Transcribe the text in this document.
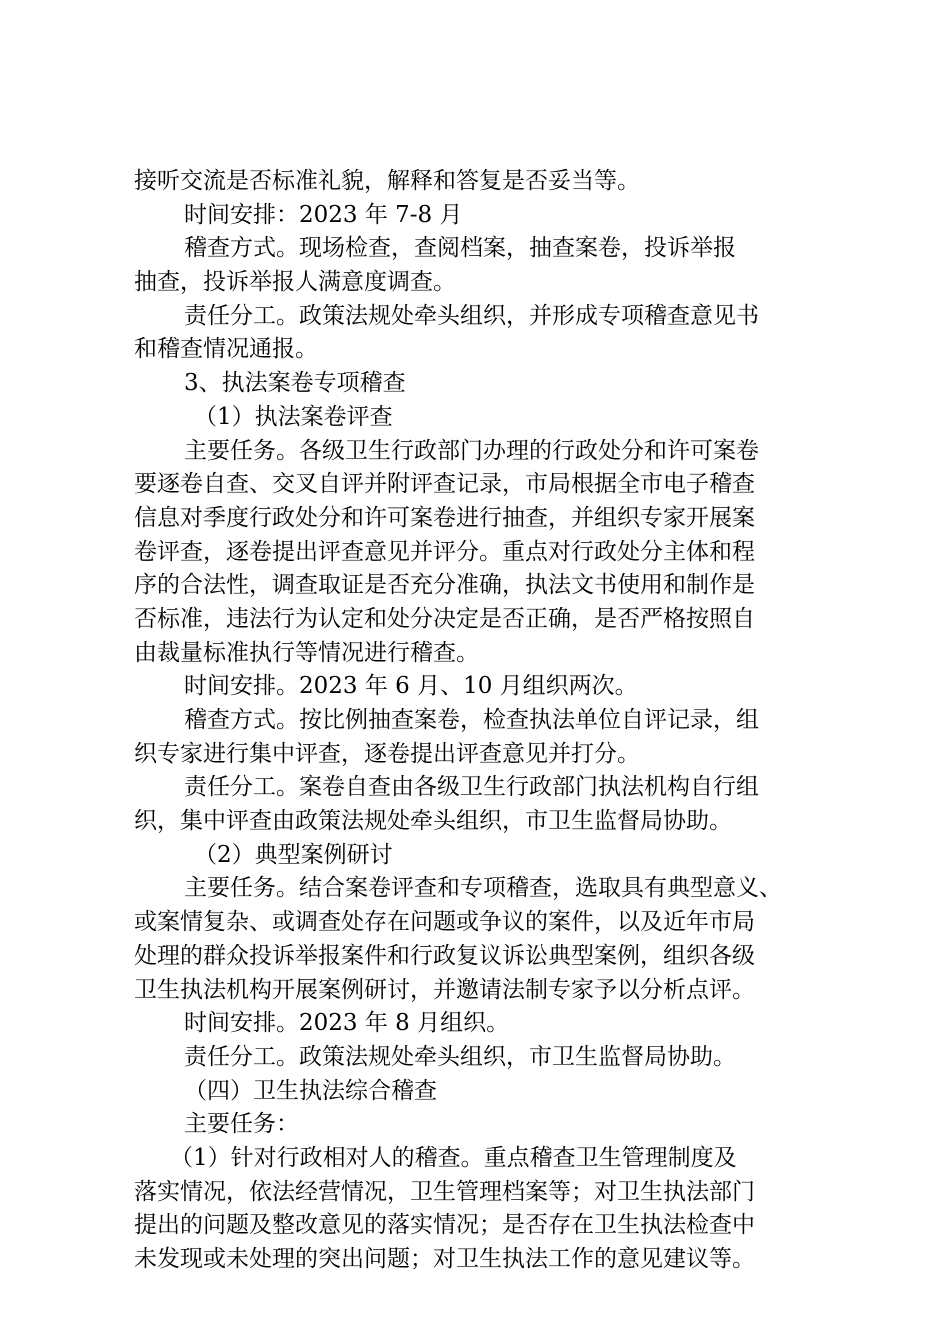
接听交流是否标准礼貌，解释和答复是否妥当等。
时间安排：2023 年 7-8 月
稽查方式。现场检查，查阅档案，抽查案卷，投诉举报
抽查，投诉举报人满意度调查。
责任分工。政策法规处牵头组织，并形成专项稽查意见书
和稽查情况通报。
3、执法案卷专项稽查
（1）执法案卷评查
主要任务。各级卫生行政部门办理的行政处分和许可案卷
要逐卷自查、交叉自评并附评查记录，市局根据全市电子稽查
信息对季度行政处分和许可案卷进行抽查，并组织专家开展案
卷评查，逐卷提出评查意见并评分。重点对行政处分主体和程
序的合法性，调查取证是否充分准确，执法文书使用和制作是
否标准，违法行为认定和处分决定是否正确，是否严格按照自
由裁量标准执行等情况进行稽查。
时间安排。2023 年 6 月、10 月组织两次。
稽查方式。按比例抽查案卷，检查执法单位自评记录，组
织专家进行集中评查，逐卷提出评查意见并打分。
责任分工。案卷自查由各级卫生行政部门执法机构自行组
织，集中评查由政策法规处牵头组织，市卫生监督局协助。
（2）典型案例研讨
主要任务。结合案卷评查和专项稽查，选取具有典型意义、
或案情复杂、或调查处存在问题或争议的案件，以及近年市局
处理的群众投诉举报案件和行政复议诉讼典型案例，组织各级
卫生执法机构开展案例研讨，并邀请法制专家予以分析点评。
时间安排。2023 年 8 月组织。
责任分工。政策法规处牵头组织，市卫生监督局协助。
（四）卫生执法综合稽查
主要任务：
（1）针对行政相对人的稽查。重点稽查卫生管理制度及
落实情况，依法经营情况，卫生管理档案等；对卫生执法部门
提出的问题及整改意见的落实情况；是否存在卫生执法检查中
未发现或未处理的突出问题；对卫生执法工作的意见建议等。
